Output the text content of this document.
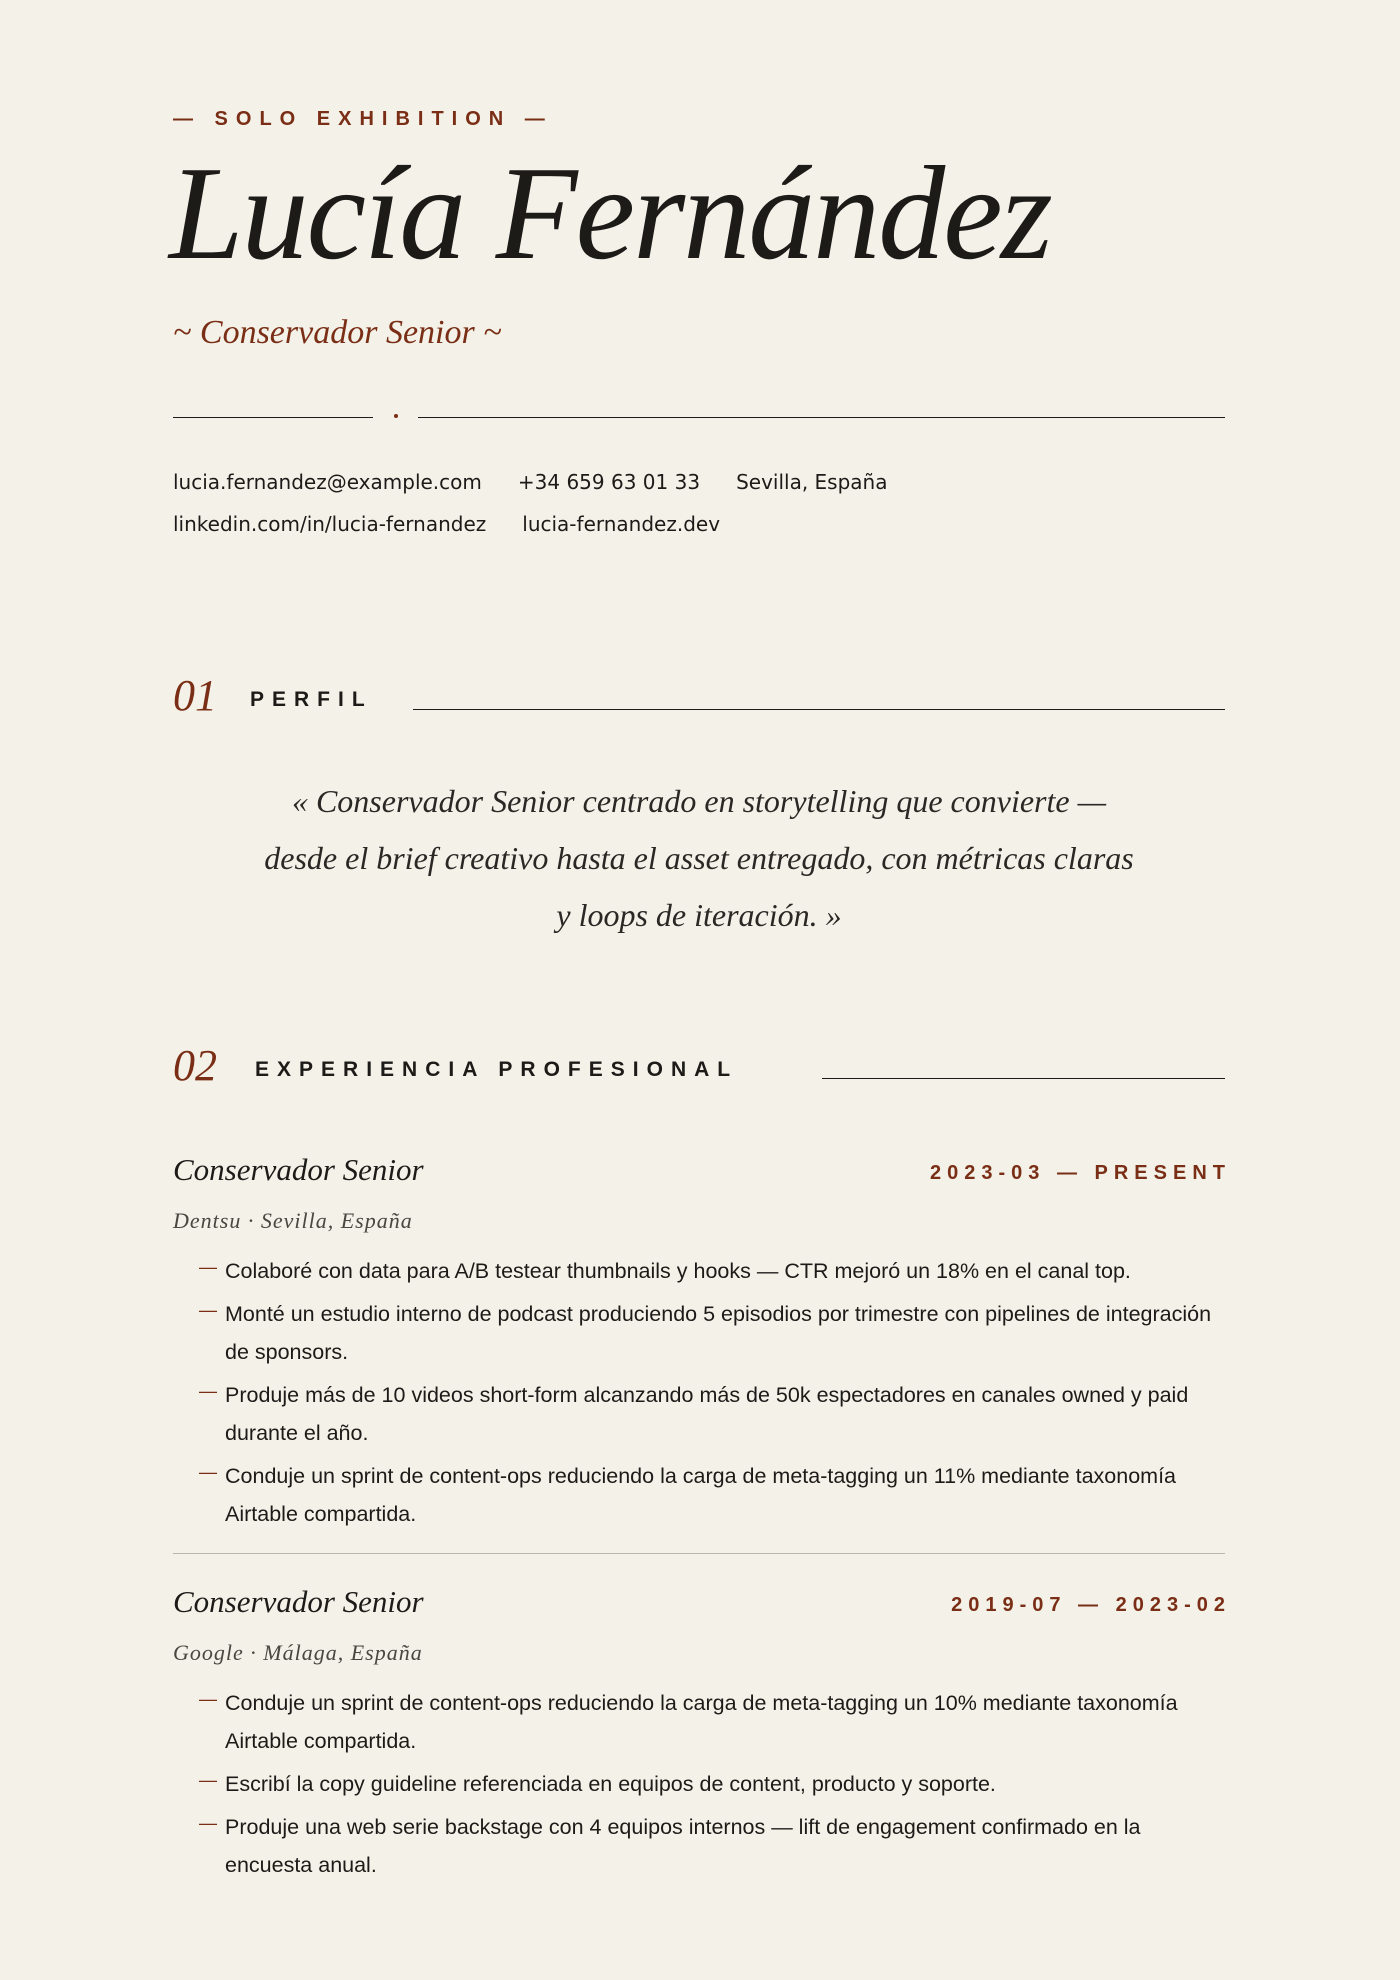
— SOLO EXHIBITION —
Lucía Fernández
~ Conservador Senior ~
lucia.fernandez@example.com +34 659 63 01 33 Sevilla, España
linkedin.com/in/lucia-fernandez lucia-fernandez.dev
01 PERFIL
« Conservador Senior centrado en storytelling que convierte — desde el brief creativo hasta el asset entregado, con métricas claras y loops de iteración. »
02 EXPERIENCIA PROFESIONAL
Conservador Senior	2023-03 — PRESENT
Dentsu · Sevilla, España
— Colaboré con data para A/B testear thumbnails y hooks — CTR mejoró un 18% en el canal top.
— Monté un estudio interno de podcast produciendo 5 episodios por trimestre con pipelines de integración de sponsors.
— Produje más de 10 videos short-form alcanzando más de 50k espectadores en canales owned y paid durante el año.
— Conduje un sprint de content-ops reduciendo la carga de meta-tagging un 11% mediante taxonomía Airtable compartida.
Conservador Senior	2019-07 — 2023-02
Google · Málaga, España
— Conduje un sprint de content-ops reduciendo la carga de meta-tagging un 10% mediante taxonomía Airtable compartida.
— Escribí la copy guideline referenciada en equipos de content, producto y soporte.
— Produje una web serie backstage con 4 equipos internos — lift de engagement confirmado en la encuesta anual.
